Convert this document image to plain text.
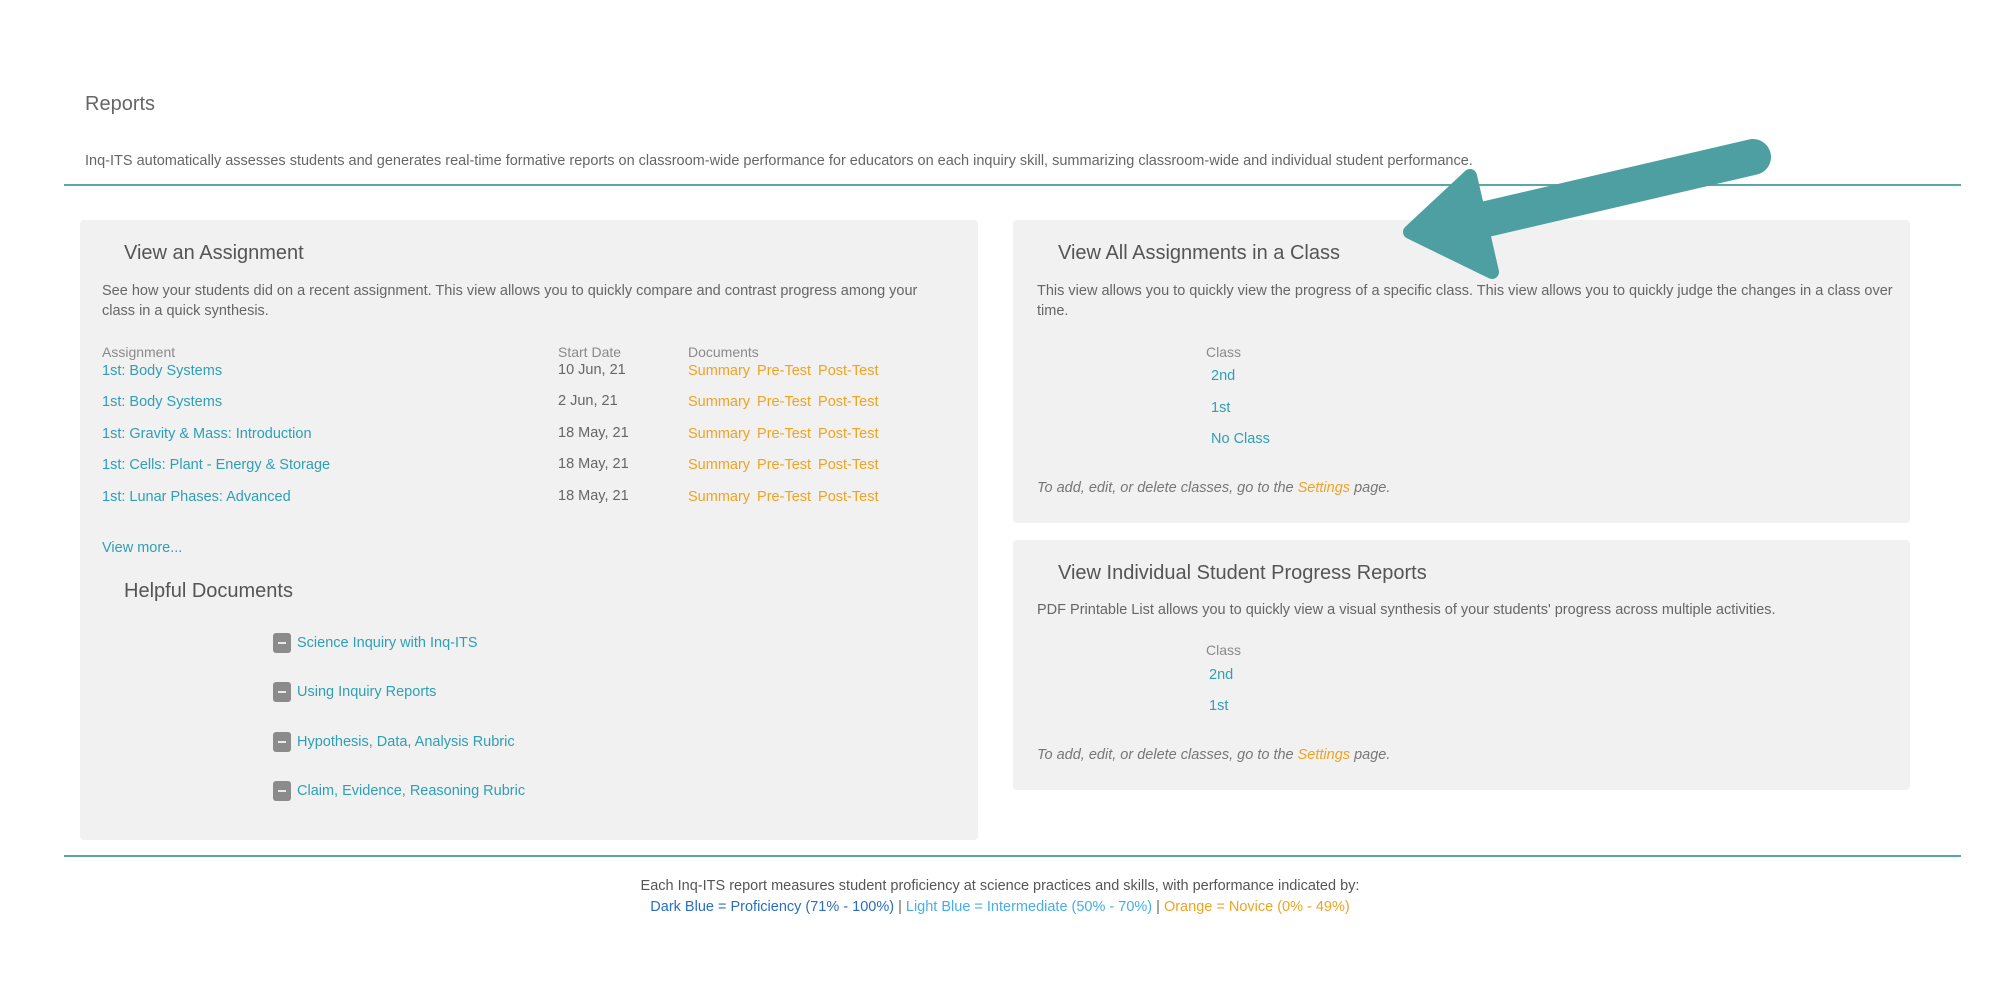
Reports
Inq-ITS automatically assesses students and generates real-time formative reports on classroom-wide performance for educators on each inquiry skill, summarizing classroom-wide and individual student performance.
View an Assignment
See how your students did on a recent assignment. This view allows you to quickly compare and contrast progress among your class in a quick synthesis.
Assignment	Start Date	Documents
1st: Body Systems	10 Jun, 21	Summary Pre-Test Post-Test
1st: Body Systems	2 Jun, 21	Summary Pre-Test Post-Test
1st: Gravity & Mass: Introduction	18 May, 21	Summary Pre-Test Post-Test
1st: Cells: Plant - Energy & Storage	18 May, 21	Summary Pre-Test Post-Test
1st: Lunar Phases: Advanced	18 May, 21	Summary Pre-Test Post-Test
View more...
Helpful Documents
Science Inquiry with Inq-ITS
Using Inquiry Reports
Hypothesis, Data, Analysis Rubric
Claim, Evidence, Reasoning Rubric
View All Assignments in a Class
This view allows you to quickly view the progress of a specific class. This view allows you to quickly judge the changes in a class over time.
Class
2nd
1st
No Class
To add, edit, or delete classes, go to the Settings page.
View Individual Student Progress Reports
PDF Printable List allows you to quickly view a visual synthesis of your students' progress across multiple activities.
Class
2nd
1st
To add, edit, or delete classes, go to the Settings page.
Each Inq-ITS report measures student proficiency at science practices and skills, with performance indicated by:
Dark Blue = Proficiency (71% - 100%) | Light Blue = Intermediate (50% - 70%) | Orange = Novice (0% - 49%)
